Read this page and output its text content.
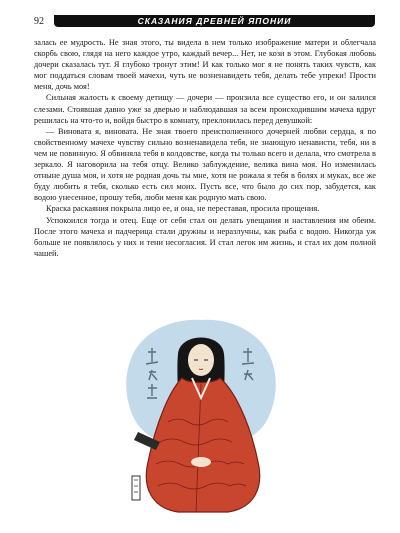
92	СКАЗАНИЯ ДРЕВНЕЙ ЯПОНИИ

залась ее мудрость. Не зная этого, ты видела в нем только изображение матери и облегчала скорбь свою, глядя на него каждое утро, каждый вечер... Нет, не кози в этом. Глубокая любовь дочери сказалась тут. Я глубоко тронут этим! И как только мог я не понять таких чувств, как мог поддаться словам твоей мачехи, чуть не возненавидеть тебя, делать тебе упреки! Прости меня, дочь моя!

Сильная жалость к своему детищу — дочери — пронзила все существо его, и он залился слезами. Стоявшая давно уже за дверью и наблюдавшая за всем происходившим мачеха вдруг решилась на что-то и, войдя быстро в комнату, преклонилась перед девушкой:

— Виновата я, виновата. Не зная твоего преисполненного дочерней любви сердца, я по свойственному мачехе чувству сильно возненавидела тебя, не знающую ненависти, тебя, ни в чем не повинную. Я обвиняла тебя в колдовстве, когда ты только всего и делала, что смотрела в зеркало. Я наговорила на тебя отцу. Велико заблуждение, велика вина моя. Но изменилась отныне душа моя, и хотя не родная дочь ты мне, хотя не рожала я тебя в болях и муках, все же буду любить я тебя, сколько есть сил моих. Пусть все, что было до сих пор, забудется, как водою унесенное, прошу тебя, люби меня как родную мать свою.

Краска раскаяния покрыла лицо ее, и она, не переставая, просила прощения.

Успокоился тогда и отец. Еще от себя стал он делать увещания и наставления им обеим. После этого мачеха и падчерица стали дружны и неразлучны, как рыба с водою. Никогда уж больше не появлялось у них и тени несогласия. И стал легок им жизнь, и стал их дом полной чашей.
